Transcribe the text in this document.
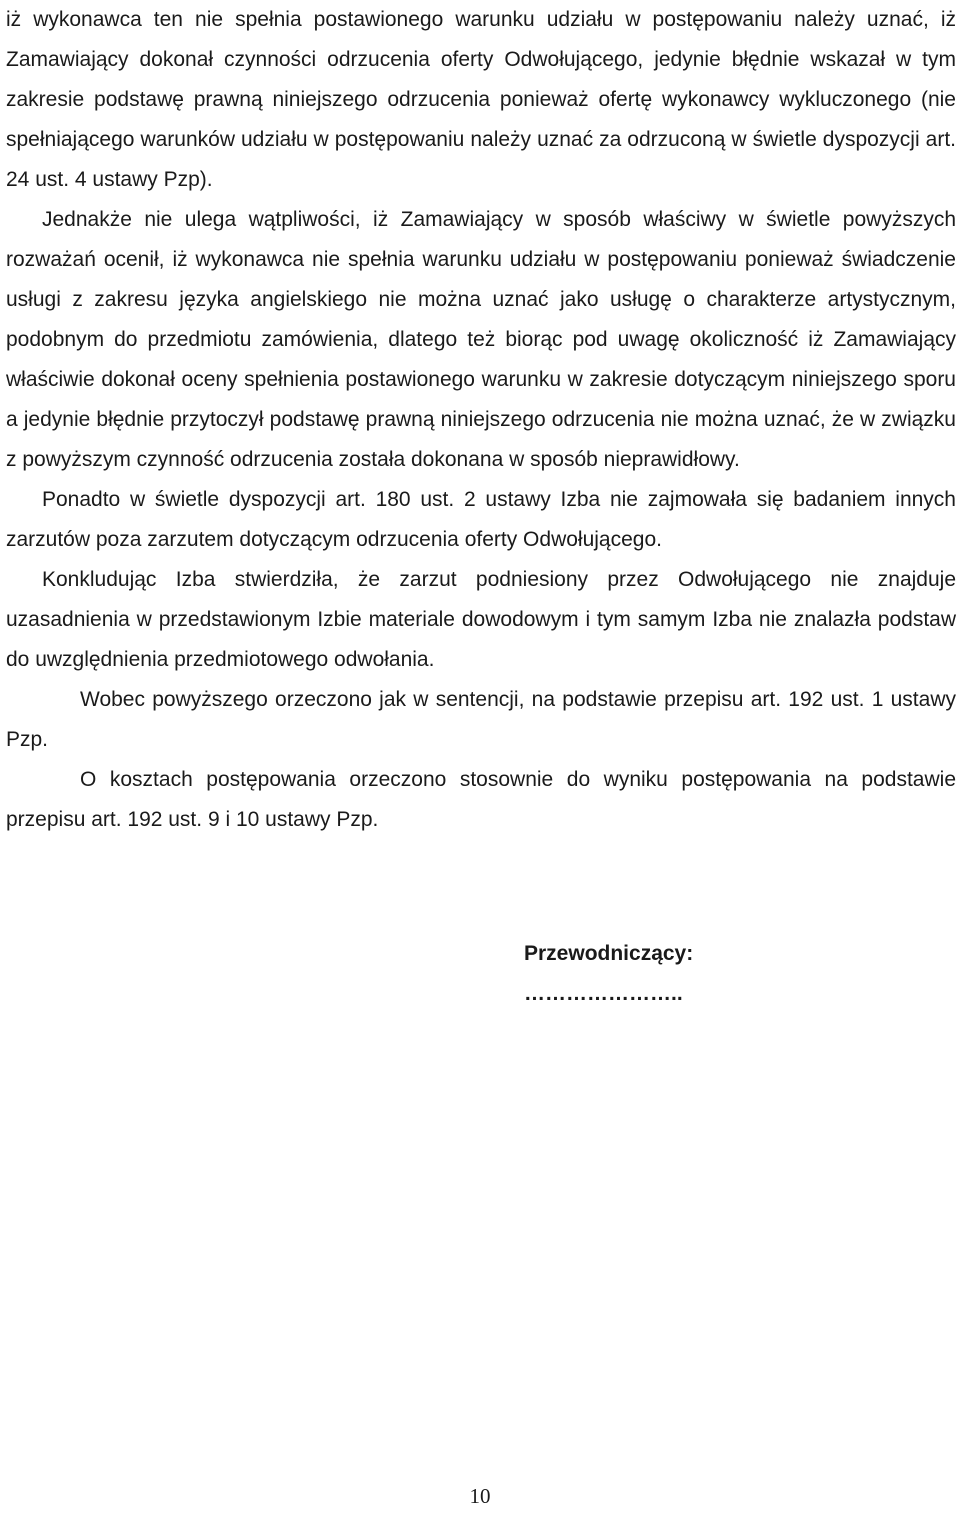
iż wykonawca ten nie spełnia postawionego warunku udziału w postępowaniu należy uznać, iż Zamawiający dokonał czynności odrzucenia oferty Odwołującego, jedynie błędnie wskazał w tym zakresie podstawę prawną niniejszego odrzucenia ponieważ ofertę wykonawcy wykluczonego (nie spełniającego warunków udziału w postępowaniu należy uznać za odrzuconą w świetle dyspozycji art. 24 ust. 4 ustawy Pzp).

Jednakże nie ulega wątpliwości, iż Zamawiający w sposób właściwy w świetle powyższych rozważań ocenił, iż wykonawca nie spełnia warunku udziału w postępowaniu ponieważ świadczenie usługi z zakresu języka angielskiego nie można uznać jako usługę o charakterze artystycznym, podobnym do przedmiotu zamówienia, dlatego też biorąc pod uwagę okoliczność iż Zamawiający właściwie dokonał oceny spełnienia postawionego warunku w zakresie dotyczącym niniejszego sporu a jedynie błędnie przytoczył podstawę prawną niniejszego odrzucenia nie można uznać, że w związku z powyższym czynność odrzucenia została dokonana w sposób nieprawidłowy.

Ponadto w świetle dyspozycji art. 180 ust. 2 ustawy Izba nie zajmowała się badaniem innych zarzutów poza zarzutem dotyczącym odrzucenia oferty Odwołującego.

Konkludując Izba stwierdziła, że zarzut podniesiony przez Odwołującego nie znajduje uzasadnienia w przedstawionym Izbie materiale dowodowym i tym samym Izba nie znalazła podstaw do uwzględnienia przedmiotowego odwołania.

Wobec powyższego orzeczono jak w sentencji, na podstawie przepisu art. 192 ust. 1 ustawy Pzp.

O kosztach postępowania orzeczono stosownie do wyniku postępowania na podstawie przepisu art. 192 ust. 9 i 10 ustawy Pzp.

Przewodniczący:
…………………..
10
